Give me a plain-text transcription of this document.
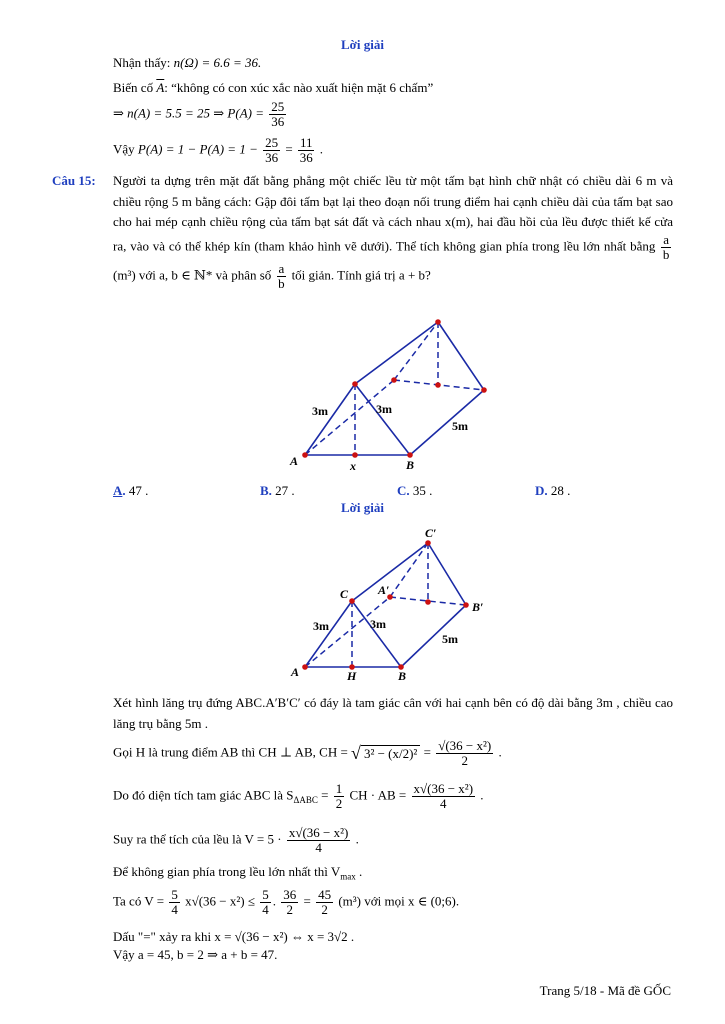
Lời giải
Nhận thấy: n(Ω) = 6.6 = 36.
Biến cố $\overline{A}$: “không có con xúc xắc nào xuất hiện mặt 6 chấm”
⇒ n(A) = 5.5 = 25 ⇒ $P(A) = \frac{25}{36}$
Vậy $P(A) = 1 - P(A) = 1 - \frac{25}{36} = \frac{11}{36}$ .
Câu 15: Người ta dựng trên mặt đất bằng phẳng một chiếc lều từ một tấm bạt hình chữ nhật có chiều dài 6 m và chiều rộng 5 m bằng cách: Gập đôi tấm bạt lại theo đoạn nối trung điểm hai cạnh chiều dài của tấm bạt sao cho hai mép cạnh chiều rộng của tấm bạt sát đất và cách nhau x(m), hai đầu hồi của lều được thiết kế cửa ra, vào và có thể khép kín (tham khảo hình vẽ dưới). Thể tích không gian phía trong lều lớn nhất bằng $\frac{a}{b}$
(m³) với a, b ∈ ℕ* và phân số $\frac{a}{b}$ tối giản. Tính giá trị a + b?
3m	3m
5m
A	x	B
A. 47 .	B. 27 .	C. 35 .	D. 28 .
Lời giải
C′
C A′
B′
3m	3m
5m
A	H	B
Xét hình lăng trụ đứng ABC.A′B′C′ có đáy là tam giác cân với hai cạnh bên có độ dài bằng 3m , chiều cao lăng trụ bằng 5m .
Gọi H là trung điểm AB thì CH ⊥ AB, CH = √ $3^2 - (x/2)^2 = \frac{\text{√(36 − x²)}}{2}$ .
Do đó diện tích tam giác ABC là $S_{\Delta ABC} = \frac{1}{2}$ CH · AB = $\frac{\text{x√(36 − x²)}}{4}$ .
Suy ra thể tích của lều là $V = 5 \cdot \frac{\text{x√(36 − x²)}}{4}$ .
Để không gian phía trong lều lớn nhất thì $V_{max}$ .
Ta có $V = \frac{5}{4} x√(36 - x^2) \le \frac{5}{4}$ . $\frac{36}{2} = \frac{45}{2} (m^3)$ với mọi x ∈ (0;6).
Dấu "=" xảy ra khi x = √(36 − x²) ⇔ x = 3√2 .
Vậy a = 45, b = 2 ⇒ a + b = 47.
Trang 5/18 - Mã đề GỐC
